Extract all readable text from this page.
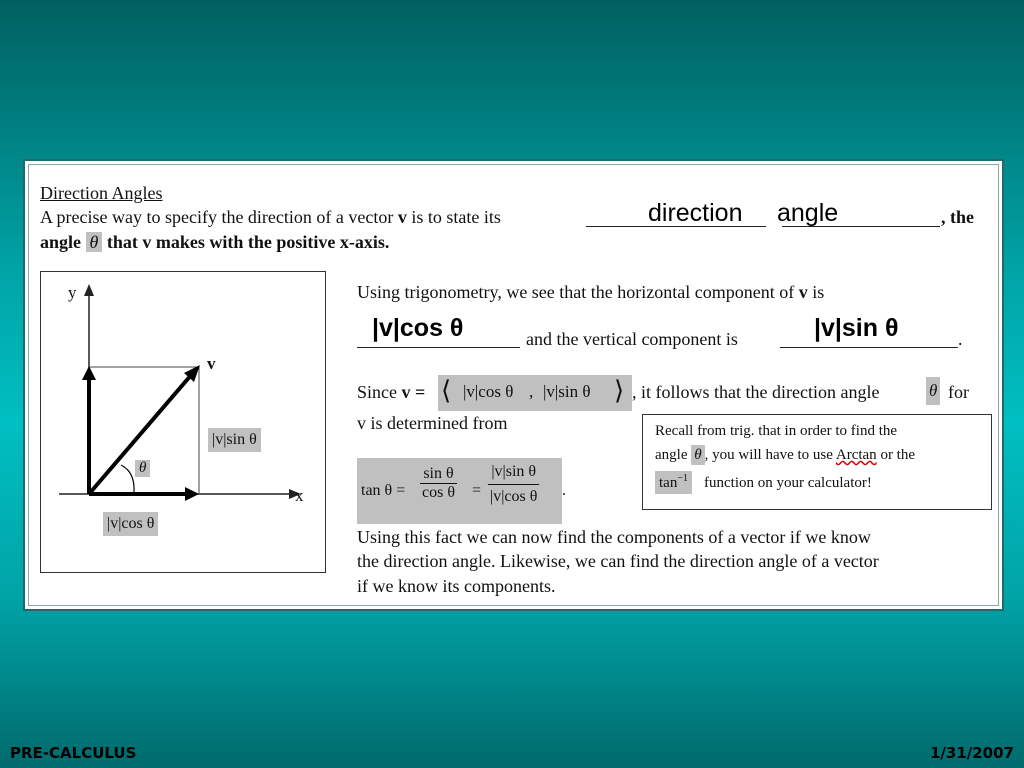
Direction Angles
A precise way to specify the direction of a vector v is to state its	direction angle	, the
angle θ that v makes with the positive x-axis.
y
x
v
θ
|v|sin θ
|v|cos θ
Using trigonometry, we see that the horizontal component of v is
|v|cos θ	and the vertical component is	|v|sin θ	.
Since v = ⟨ |v|cos θ , |v|sin θ ⟩ , it follows that the direction angle	θ for
v is determined from
$\tan \theta = \frac{\text{sin θ}}{\text{cos θ}} = \frac{\text{|v|sin θ}}{\text{|v|cos θ}}$ .
Recall from trig. that in order to find the
angle θ , you will have to use Arctan or the
$\tan^{-1}$ function on your calculator!
Using this fact we can now find the components of a vector if we know
the direction angle. Likewise, we can find the direction angle of a vector
if we know its components.
PRE-CALCULUS	1/31/2007
